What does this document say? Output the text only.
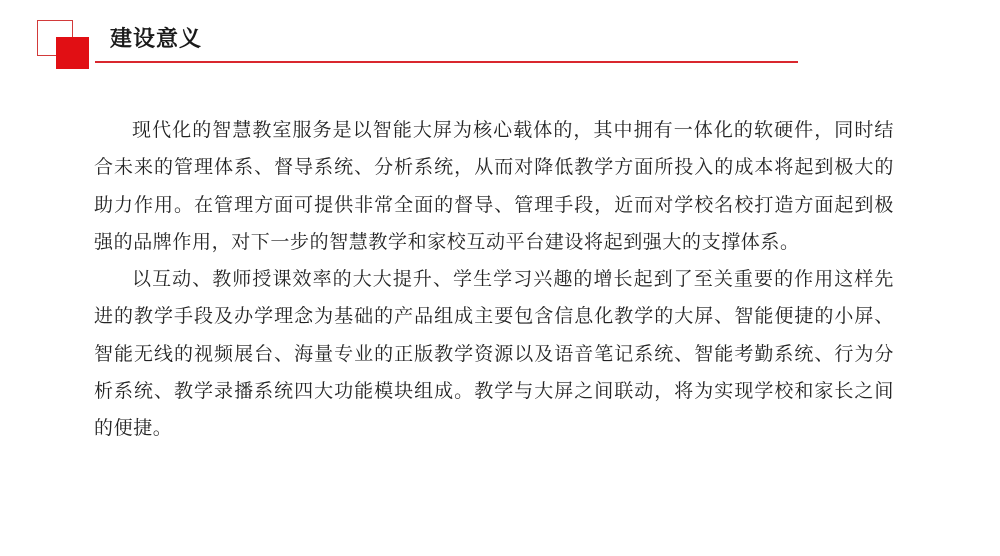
建设意义

现代化的智慧教室服务是以智能大屏为核心载体的，其中拥有一体化的软硬件，同时结合未来的管理体系、督导系统、分析系统，从而对降低教学方面所投入的成本将起到极大的助力作用。在管理方面可提供非常全面的督导、管理手段，近而对学校名校打造方面起到极强的品牌作用，对下一步的智慧教学和家校互动平台建设将起到强大的支撑体系。

以互动、教师授课效率的大大提升、学生学习兴趣的增长起到了至关重要的作用这样先进的教学手段及办学理念为基础的产品组成主要包含信息化教学的大屏、智能便捷的小屏、智能无线的视频展台、海量专业的正版教学资源以及语音笔记系统、智能考勤系统、行为分析系统、教学录播系统四大功能模块组成。教学与大屏之间联动，将为实现学校和家长之间的便捷。
